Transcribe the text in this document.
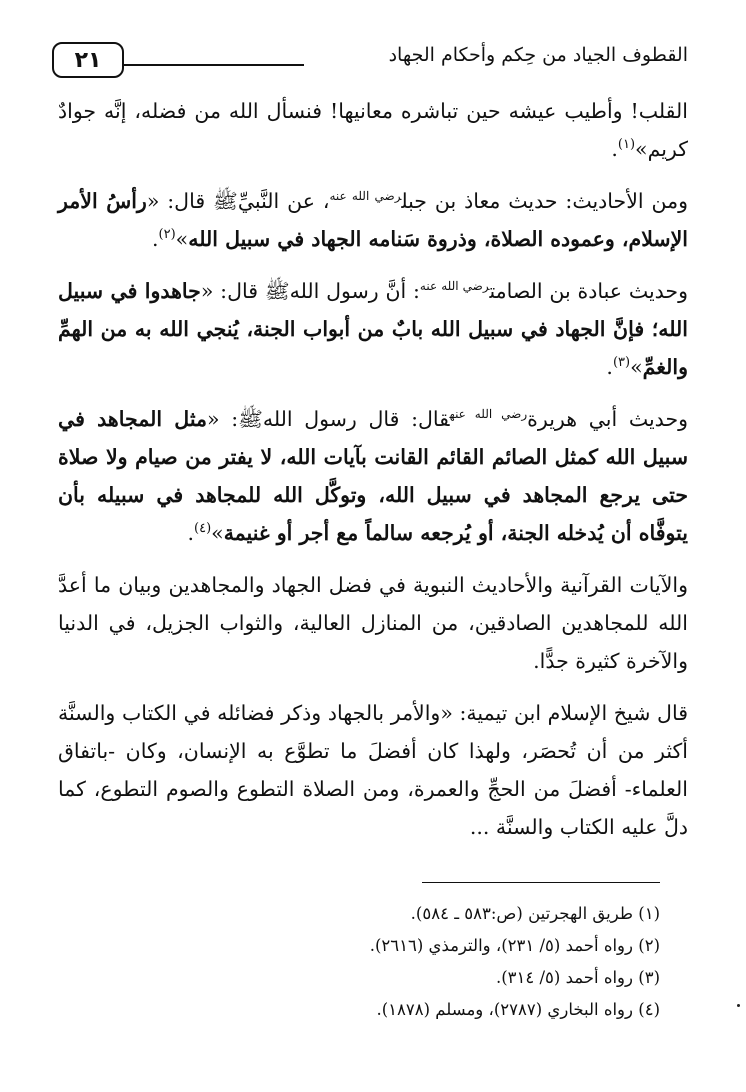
٢١	القطوف الجياد من حِكم وأحكام الجهاد

القلب! وأطيب عيشه حين تباشره معانيها! فنسأل الله من فضله، إنَّه جوادٌ كريم»$^{(١)}$.

ومن الأحاديث: حديث معاذ بن جبل$^{رضي الله عنه}$، عن النَّبيِّﷺ قال: «رأسُ الأمر الإسلام، وعموده الصلاة، وذروة سَنامه الجهاد في سبيل الله»$^{(٢)}$.

وحديث عبادة بن الصامت$^{رضي الله عنه}$: أنَّ رسول اللهﷺ قال: «جاهدوا في سبيل الله؛ فإنَّ الجهاد في سبيل الله بابٌ من أبواب الجنة، يُنجي الله به من الهمِّ والغمِّ»$^{(٣)}$.

وحديث أبي هريرة$^{رضي الله عنه}$قال: قال رسول اللهﷺ: «مثل المجاهد في سبيل الله كمثل الصائم القائم القانت بآيات الله، لا يفتر من صيام ولا صلاة حتى يرجع المجاهد في سبيل الله، وتوكَّل الله للمجاهد في سبيله بأن يتوفَّاه أن يُدخله الجنة، أو يُرجعه سالماً مع أجر أو غنيمة»$^{(٤)}$.

والآيات القرآنية والأحاديث النبوية في فضل الجهاد والمجاهدين وبيان ما أعدَّ الله للمجاهدين الصادقين، من المنازل العالية، والثواب الجزيل، في الدنيا والآخرة كثيرة جدًّا.

قال شيخ الإسلام ابن تيمية: «والأمر بالجهاد وذكر فضائله في الكتاب والسنَّة أكثر من أن تُحصَر، ولهذا كان أفضلَ ما تطوَّع به الإنسان، وكان -باتفاق العلماء- أفضلَ من الحجِّ والعمرة، ومن الصلاة التطوع والصوم التطوع، كما دلَّ عليه الكتاب والسنَّة ...

(١) طريق الهجرتين (ص:٥٨٣ ـ ٥٨٤).

(٢) رواه أحمد (٥/ ٢٣١)، والترمذي (٢٦١٦).

(٣) رواه أحمد (٥/ ٣١٤).

(٤) رواه البخاري (٢٧٨٧)، ومسلم (١٨٧٨).
